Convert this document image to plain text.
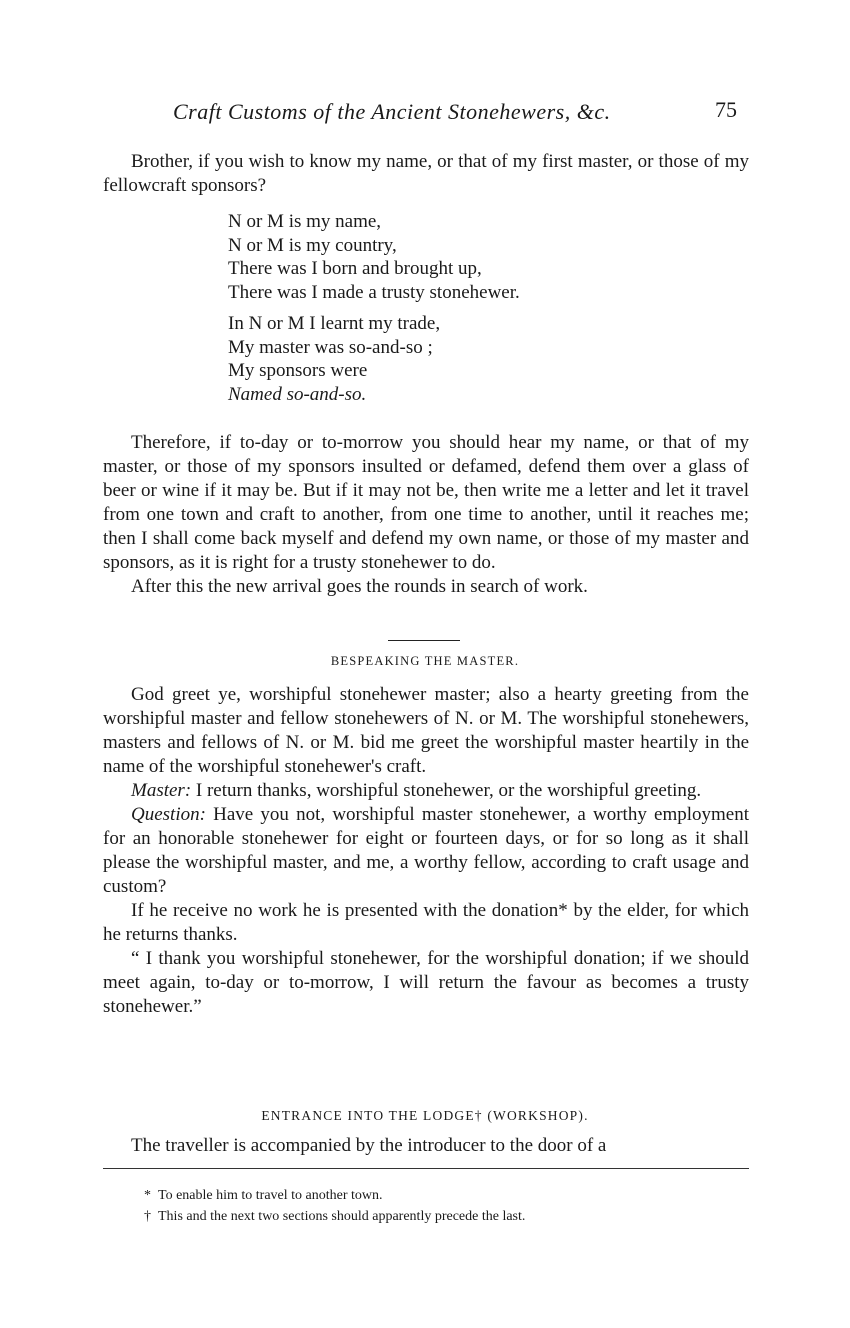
Craft Customs of the Ancient Stonehewers, &c.	75

Brother, if you wish to know my name, or that of my first master, or those of my fellowcraft sponsors?

N or M is my name,
N or M is my country,
There was I born and brought up,
There was I made a trusty stonehewer.
In N or M I learnt my trade,
My master was so-and-so ;
My sponsors were
Named so-and-so.

Therefore, if to-day or to-morrow you should hear my name, or that of my master, or those of my sponsors insulted or defamed, defend them over a glass of beer or wine if it may be. But if it may not be, then write me a letter and let it travel from one town and craft to another, from one time to another, until it reaches me; then I shall come back myself and defend my own name, or those of my master and sponsors, as it is right for a trusty stonehewer to do.

After this the new arrival goes the rounds in search of work.

BESPEAKING THE MASTER.

God greet ye, worshipful stonehewer master; also a hearty greeting from the worshipful master and fellow stonehewers of N. or M. The worshipful stonehewers, masters and fellows of N. or M. bid me greet the worshipful master heartily in the name of the worshipful stonehewer's craft.

Master: I return thanks, worshipful stonehewer, or the worshipful greeting.

Question: Have you not, worshipful master stonehewer, a worthy employment for an honorable stonehewer for eight or fourteen days, or for so long as it shall please the worshipful master, and me, a worthy fellow, according to craft usage and custom?

If he receive no work he is presented with the donation* by the elder, for which he returns thanks.

“ I thank you worshipful stonehewer, for the worshipful donation; if we should meet again, to-day or to-morrow, I will return the favour as becomes a trusty stonehewer.”

ENTRANCE INTO THE LODGE† (WORKSHOP).

The traveller is accompanied by the introducer to the door of a

* To enable him to travel to another town.
† This and the next two sections should apparently precede the last.
